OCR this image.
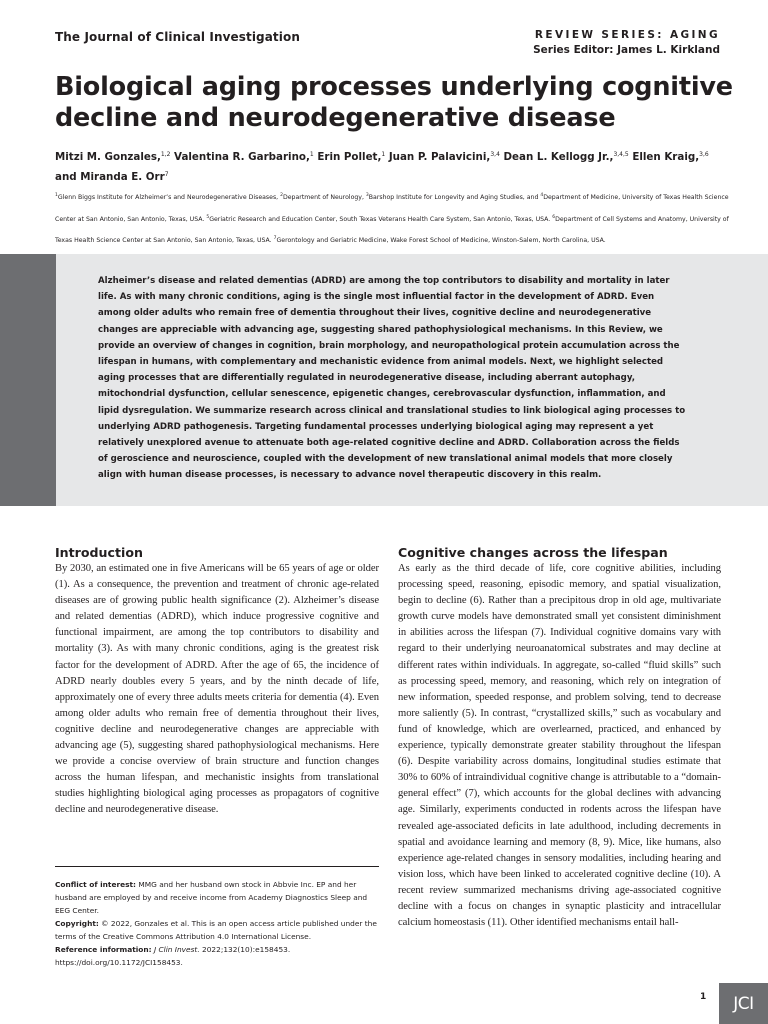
The Journal of Clinical Investigation	REVIEW SERIES: AGING
Series Editor: James L. Kirkland
Biological aging processes underlying cognitive decline and neurodegenerative disease
Mitzi M. Gonzales,$^{1,2}$ Valentina R. Garbarino,$^1$ Erin Pollet,$^1$ Juan P. Palavicini,$^{3,4}$ Dean L. Kellogg Jr.,$^{3,4,5}$ Ellen Kraig,$^{3,6}$
and Miranda E. Orr$^7$
$^1$Glenn Biggs Institute for Alzheimer’s and Neurodegenerative Diseases, $^2$Department of Neurology, $^3$Barshop Institute for Longevity and Aging Studies, and $^4$Department of Medicine, University of Texas Health Science Center at San Antonio, San Antonio, Texas, USA. $^5$Geriatric Research and Education Center, South Texas Veterans Health Care System, San Antonio, Texas, USA. $^6$Department of Cell Systems and Anatomy, University of Texas Health Science Center at San Antonio, San Antonio, Texas, USA. $^7$Gerontology and Geriatric Medicine, Wake Forest School of Medicine, Winston-Salem, North Carolina, USA.

Alzheimer’s disease and related dementias (ADRD) are among the top contributors to disability and mortality in later life. As with many chronic conditions, aging is the single most influential factor in the development of ADRD. Even among older adults who remain free of dementia throughout their lives, cognitive decline and neurodegenerative changes are appreciable with advancing age, suggesting shared pathophysiological mechanisms. In this Review, we provide an overview of changes in cognition, brain morphology, and neuropathological protein accumulation across the lifespan in humans, with complementary and mechanistic evidence from animal models. Next, we highlight selected aging processes that are differentially regulated in neurodegenerative disease, including aberrant autophagy, mitochondrial dysfunction, cellular senescence, epigenetic changes, cerebrovascular dysfunction, inflammation, and lipid dysregulation. We summarize research across clinical and translational studies to link biological aging processes to underlying ADRD pathogenesis. Targeting fundamental processes underlying biological aging may represent a yet relatively unexplored avenue to attenuate both age-related cognitive decline and ADRD. Collaboration across the fields of geroscience and neuroscience, coupled with the development of new translational animal models that more closely align with human disease processes, is necessary to advance novel therapeutic discovery in this realm.

Introduction

By 2030, an estimated one in five Americans will be 65 years of age or older (1). As a consequence, the prevention and treatment of chronic age-related diseases are of growing public health significance (2). Alzheimer’s disease and related dementias (ADRD), which induce progressive cognitive and functional impairment, are among the top contributors to disability and mortality (3). As with many chronic conditions, aging is the greatest risk factor for the development of ADRD. After the age of 65, the incidence of ADRD nearly doubles every 5 years, and by the ninth decade of life, approximately one of every three adults meets criteria for dementia (4). Even among older adults who remain free of dementia throughout their lives, cognitive decline and neurodegenerative changes are appreciable with advancing age (5), suggesting shared pathophysiological mechanisms. Here we provide a concise overview of brain structure and function changes across the human lifespan, and mechanistic insights from translational studies highlighting biological aging processes as propagators of cognitive decline and neurodegenerative disease.

Cognitive changes across the lifespan

As early as the third decade of life, core cognitive abilities, including processing speed, reasoning, episodic memory, and spatial visualization, begin to decline (6). Rather than a precipitous drop in old age, multivariate growth curve models have demonstrated small yet consistent diminishment in abilities across the lifespan (7). Individual cognitive domains vary with regard to their underlying neuroanatomical substrates and may decline at different rates within individuals. In aggregate, so-called “fluid skills” such as processing speed, memory, and reasoning, which rely on integration of new information, speeded response, and problem solving, tend to decrease more saliently (5). In contrast, “crystallized skills,” such as vocabulary and fund of knowledge, which are overlearned, practiced, and enhanced by experience, typically demonstrate greater stability throughout the lifespan (6). Despite variability across domains, longitudinal studies estimate that 30% to 60% of intraindividual cognitive change is attributable to a “domain-general effect” (7), which accounts for the global declines with advancing age. Similarly, experiments conducted in rodents across the lifespan have revealed age-associated deficits in late adulthood, including decrements in spatial and avoidance learning and memory (8, 9). Mice, like humans, also experience age-related changes in sensory modalities, including hearing and vision loss, which have been linked to accelerated cognitive decline (10). A recent review summarized mechanisms driving age-associated cognitive decline with a focus on changes in synaptic plasticity and intracellular calcium homeostasis (11). Other identified mechanisms entail hall-

Conflict of interest: MMG and her husband own stock in Abbvie Inc. EP and her husband are employed by and receive income from Academy Diagnostics Sleep and EEG Center.
Copyright: © 2022, Gonzales et al. This is an open access article published under the terms of the Creative Commons Attribution 4.0 International License.
Reference information: J Clin Invest. 2022;132(10):e158453. https://doi.org/10.1172/JCI158453.
1	JCI
